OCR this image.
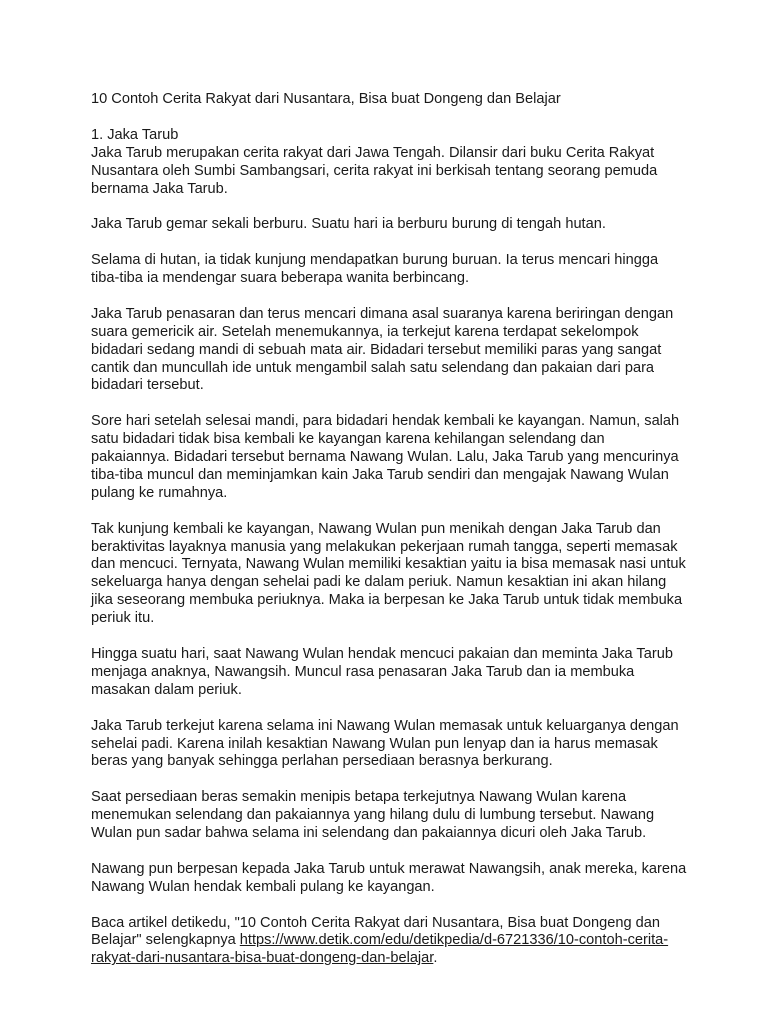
10 Contoh Cerita Rakyat dari Nusantara, Bisa buat Dongeng dan Belajar

1. Jaka Tarub
Jaka Tarub merupakan cerita rakyat dari Jawa Tengah. Dilansir dari buku Cerita Rakyat Nusantara oleh Sumbi Sambangsari, cerita rakyat ini berkisah tentang seorang pemuda bernama Jaka Tarub.

Jaka Tarub gemar sekali berburu. Suatu hari ia berburu burung di tengah hutan.

Selama di hutan, ia tidak kunjung mendapatkan burung buruan. Ia terus mencari hingga tiba-tiba ia mendengar suara beberapa wanita berbincang.

Jaka Tarub penasaran dan terus mencari dimana asal suaranya karena beriringan dengan suara gemericik air. Setelah menemukannya, ia terkejut karena terdapat sekelompok bidadari sedang mandi di sebuah mata air. Bidadari tersebut memiliki paras yang sangat cantik dan muncullah ide untuk mengambil salah satu selendang dan pakaian dari para bidadari tersebut.

Sore hari setelah selesai mandi, para bidadari hendak kembali ke kayangan. Namun, salah satu bidadari tidak bisa kembali ke kayangan karena kehilangan selendang dan pakaiannya. Bidadari tersebut bernama Nawang Wulan. Lalu, Jaka Tarub yang mencurinya tiba-tiba muncul dan meminjamkan kain Jaka Tarub sendiri dan mengajak Nawang Wulan pulang ke rumahnya.

Tak kunjung kembali ke kayangan, Nawang Wulan pun menikah dengan Jaka Tarub dan beraktivitas layaknya manusia yang melakukan pekerjaan rumah tangga, seperti memasak dan mencuci. Ternyata, Nawang Wulan memiliki kesaktian yaitu ia bisa memasak nasi untuk sekeluarga hanya dengan sehelai padi ke dalam periuk. Namun kesaktian ini akan hilang jika seseorang membuka periuknya. Maka ia berpesan ke Jaka Tarub untuk tidak membuka periuk itu.

Hingga suatu hari, saat Nawang Wulan hendak mencuci pakaian dan meminta Jaka Tarub menjaga anaknya, Nawangsih. Muncul rasa penasaran Jaka Tarub dan ia membuka masakan dalam periuk.

Jaka Tarub terkejut karena selama ini Nawang Wulan memasak untuk keluarganya dengan sehelai padi. Karena inilah kesaktian Nawang Wulan pun lenyap dan ia harus memasak beras yang banyak sehingga perlahan persediaan berasnya berkurang.

Saat persediaan beras semakin menipis betapa terkejutnya Nawang Wulan karena menemukan selendang dan pakaiannya yang hilang dulu di lumbung tersebut. Nawang Wulan pun sadar bahwa selama ini selendang dan pakaiannya dicuri oleh Jaka Tarub.

Nawang pun berpesan kepada Jaka Tarub untuk merawat Nawangsih, anak mereka, karena Nawang Wulan hendak kembali pulang ke kayangan.

Baca artikel detikedu, "10 Contoh Cerita Rakyat dari Nusantara, Bisa buat Dongeng dan Belajar" selengkapnya https://www.detik.com/edu/detikpedia/d-6721336/10-contoh-cerita-rakyat-dari-nusantara-bisa-buat-dongeng-dan-belajar.
